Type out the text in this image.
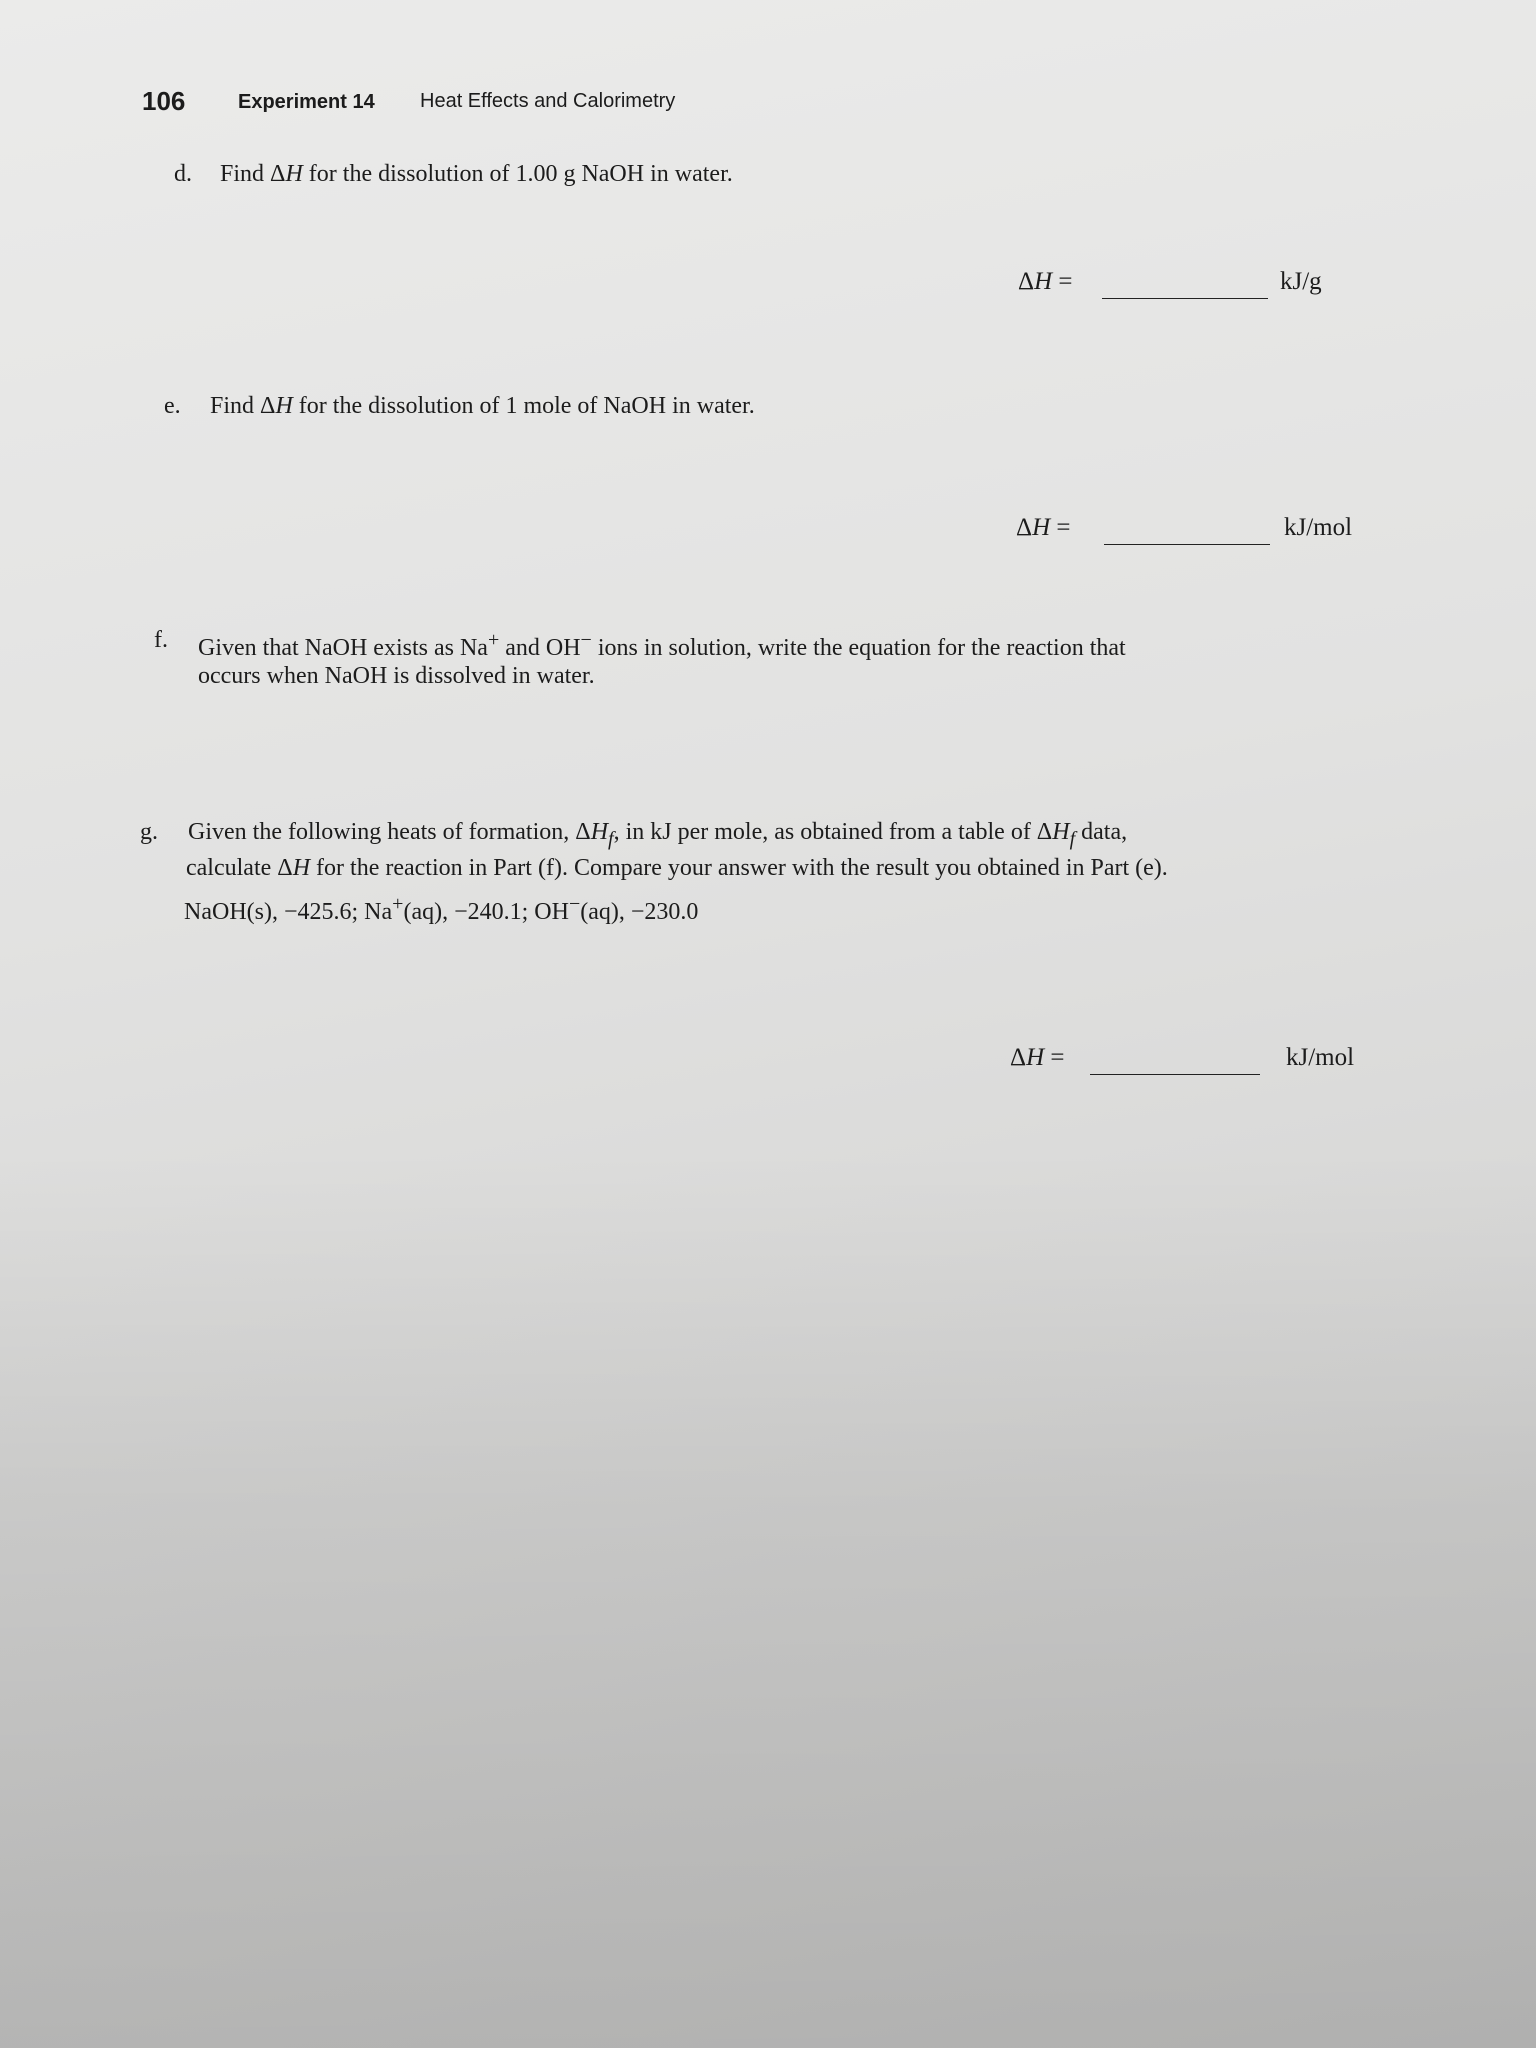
106	Experiment 14 Heat Effects and Calorimetry
d. Find ΔH for the dissolution of 1.00 g NaOH in water.
ΔH =	kJ/g
e. Find ΔH for the dissolution of 1 mole of NaOH in water.
ΔH =	kJ/mol
f. Given that NaOH exists as Na+ and OH− ions in solution, write the equation for the reaction that
occurs when NaOH is dissolved in water.
g. Given the following heats of formation, $\Delta H_f$, in kJ per mole, as obtained from a table of $\Delta H_f$ data,
calculate ΔH for the reaction in Part (f). Compare your answer with the result you obtained in Part (e).
NaOH(s), −425.6; Na+(aq), −240.1; OH−(aq), −230.0
ΔH =	kJ/mol
